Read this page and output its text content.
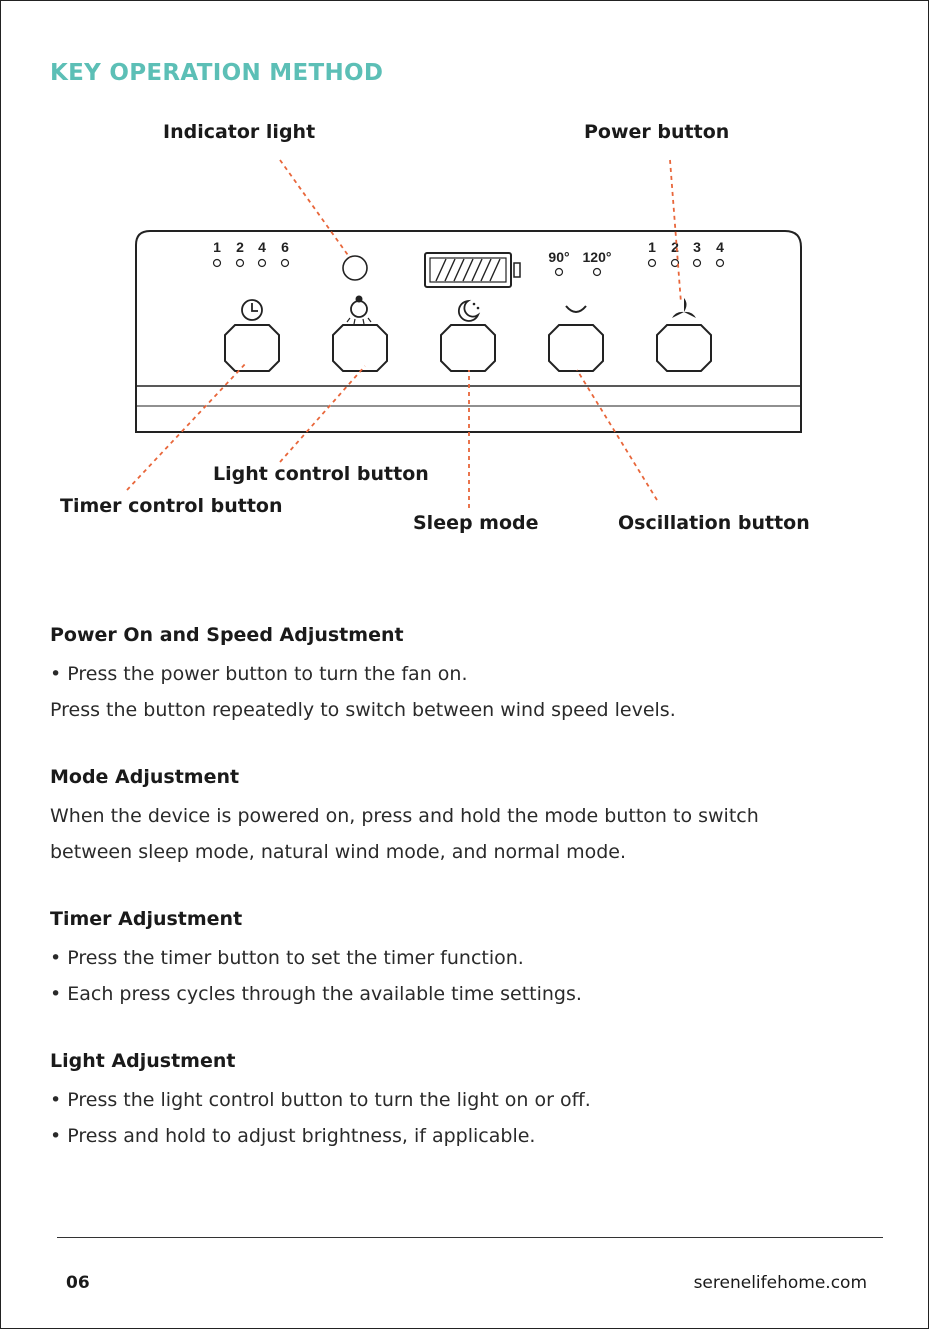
KEY OPERATION METHOD
1 2 4 6	1 2 3 4
90° 120°

Indicator light	Power button

Light control button

Timer control button

Sleep mode	Oscillation button

Power On and Speed Adjustment

• Press the power button to turn the fan on.

Press the button repeatedly to switch between wind speed levels.

Mode Adjustment

When the device is powered on, press and hold the mode button to switch

between sleep mode, natural wind mode, and normal mode.

Timer Adjustment

• Press the timer button to set the timer function.

• Each press cycles through the available time settings.

Light Adjustment

• Press the light control button to turn the light on or off.

• Press and hold to adjust brightness, if applicable.

06	serenelifehome.com
